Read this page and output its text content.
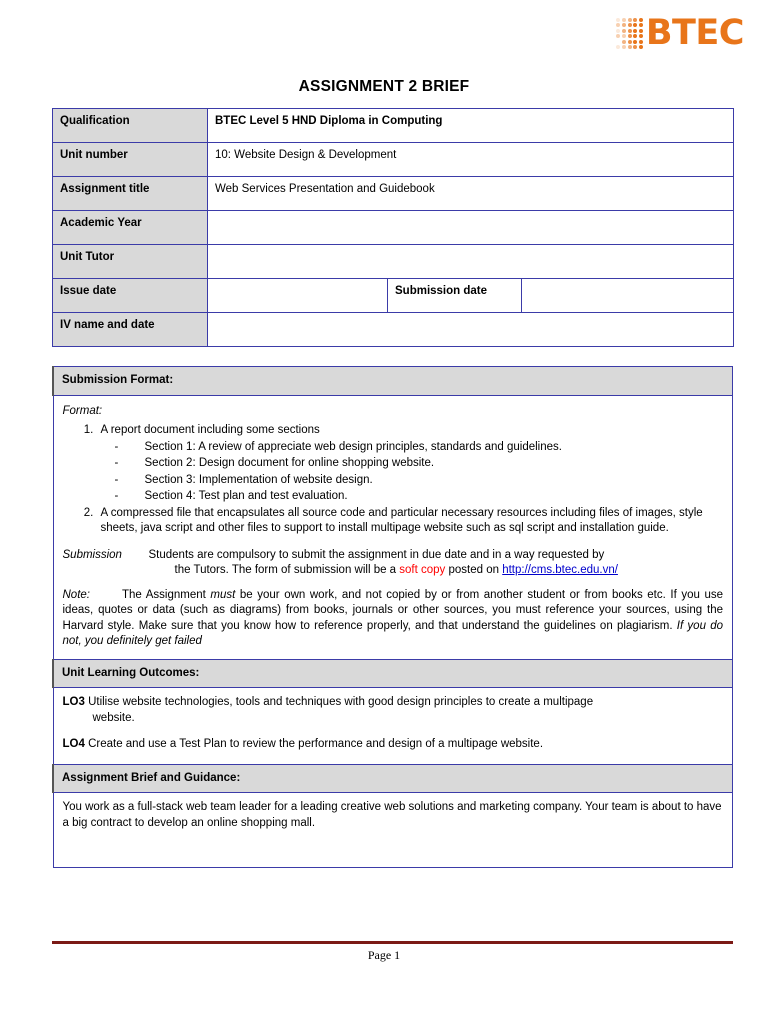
BTEC
ASSIGNMENT 2 BRIEF
Qualification	BTEC Level 5 HND Diploma in Computing		
Unit number	10: Website Design & Development		
Assignment title	Web Services Presentation and Guidebook		
Academic Year			
Unit Tutor			
Issue date		Submission date	
IV name and date			
Submission Format:

Format:
1. A report document including some sections
- Section 1: A review of appreciate web design principles, standards and guidelines.
- Section 2: Design document for online shopping website.
- Section 3: Implementation of website design.
- Section 4: Test plan and test evaluation.
2. A compressed file that encapsulates all source code and particular necessary resources including files of images, style sheets, java script and other files to support to install multipage website such as sql script and installation guide.
Submission Students are compulsory to submit the assignment in due date and in a way requested by
the Tutors. The form of submission will be a soft copy posted on http://cms.btec.edu.vn/
Note:	The Assignment must be your own work, and not copied by or from another student or from books etc. If you use ideas, quotes or data (such as diagrams) from books, journals or other sources, you must reference your sources, using the Harvard style. Make sure that you know how to reference properly, and that understand the guidelines on plagiarism. If you do not, you definitely get failed

Unit Learning Outcomes:

LO3 Utilise website technologies, tools and techniques with good design principles to create a multipage
website.
LO4 Create and use a Test Plan to review the performance and design of a multipage website.

Assignment Brief and Guidance:

You work as a full-stack web team leader for a leading creative web solutions and marketing company. Your team is about to have a big contract to develop an online shopping mall.
Page 1
